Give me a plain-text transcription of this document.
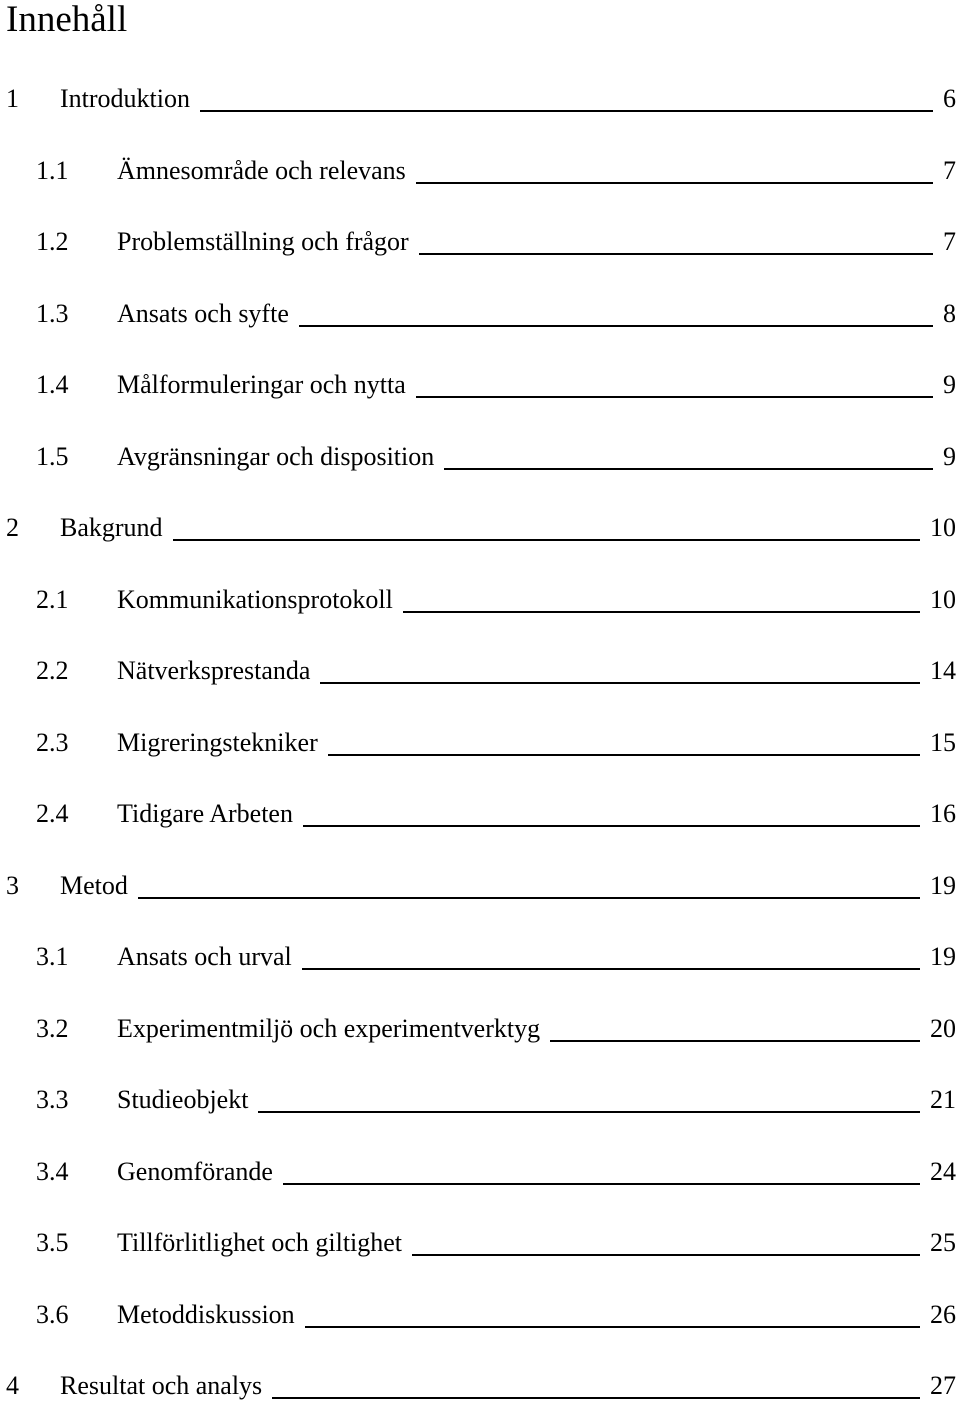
Innehåll
1 Introduktion	6
1.1 Ämnesområde och relevans	7
1.2 Problemställning och frågor	7
1.3 Ansats och syfte	8
1.4 Målformuleringar och nytta	9
1.5 Avgränsningar och disposition	9
2 Bakgrund	10
2.1 Kommunikationsprotokoll	10
2.2 Nätverksprestanda	14
2.3 Migreringstekniker	15
2.4 Tidigare Arbeten	16
3 Metod	19
3.1 Ansats och urval	19
3.2 Experimentmiljö och experimentverktyg	20
3.3 Studieobjekt	21
3.4 Genomförande	24
3.5 Tillförlitlighet och giltighet	25
3.6 Metoddiskussion	26
4 Resultat och analys	27
